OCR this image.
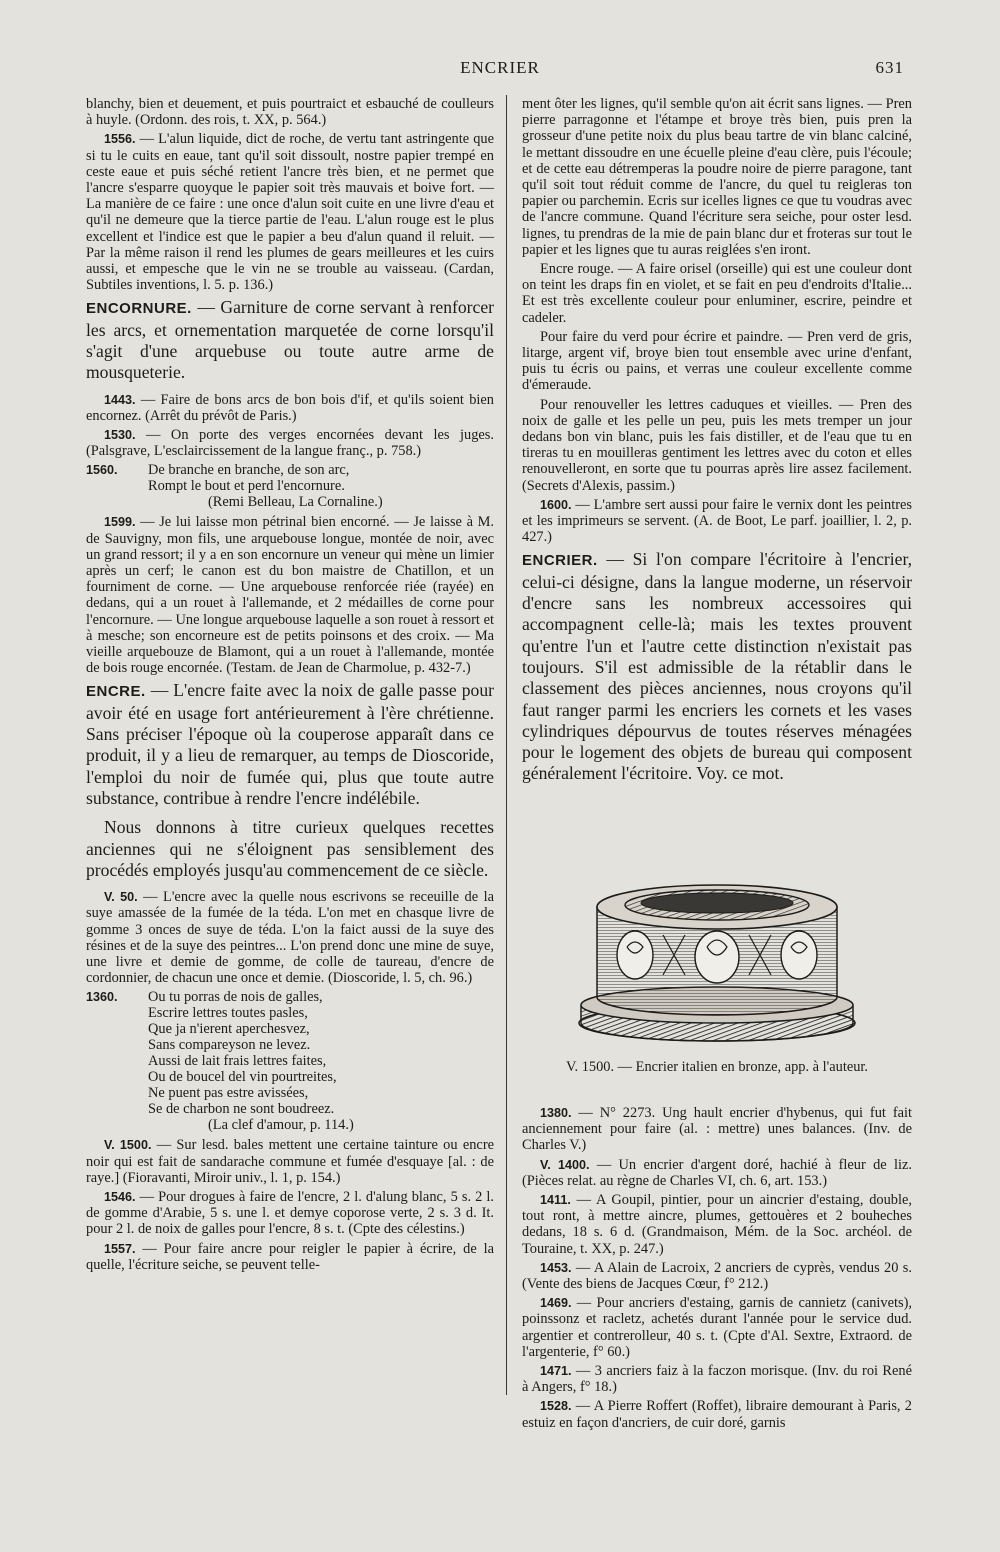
ENCRIER	631

blanchy, bien et deuement, et puis pourtraict et esbauché de coulleurs à huyle. (Ordonn. des rois, t. XX, p. 564.)

1556. — L'alun liquide, dict de roche, de vertu tant astringente que si tu le cuits en eaue, tant qu'il soit dissoult, nostre papier trempé en ceste eaue et puis séché retient l'ancre très bien, et ne permet que l'ancre s'esparre quoyque le papier soit très mauvais et boive fort. — La manière de ce faire : une once d'alun soit cuite en une livre d'eau et qu'il ne demeure que la tierce partie de l'eau. L'alun rouge est le plus excellent et l'indice est que le papier a beu d'alun quand il reluit. — Par la même raison il rend les plumes de gears meilleures et les cuirs aussi, et empesche que le vin ne se trouble au vaisseau. (Cardan, Subtiles inventions, l. 5. p. 136.)

ENCORNURE. — Garniture de corne servant à renforcer les arcs, et ornementation marquetée de corne lorsqu'il s'agit d'une arquebuse ou toute autre arme de mousqueterie.

1443. — Faire de bons arcs de bon bois d'if, et qu'ils soient bien encornez. (Arrêt du prévôt de Paris.)

1530. — On porte des verges encornées devant les juges. (Palsgrave, L'esclaircissement de la langue franç., p. 758.)

1560.	De branche en branche, de son arc,
Rompt le bout et perd l'encornure.
(Remi Belleau, La Cornaline.)

1599. — Je lui laisse mon pétrinal bien encorné. — Je laisse à M. de Sauvigny, mon fils, une arquebouse longue, montée de noir, avec un grand ressort; il y a en son encornure un veneur qui mène un limier après un cerf; le canon est du bon maistre de Chatillon, et un fourniment de corne. — Une arquebouse renforcée riée (rayée) en dedans, qui a un rouet à l'allemande, et 2 médailles de corne pour l'encornure. — Une longue arquebouse laquelle a son rouet à ressort et à mesche; son encorneure est de petits poinsons et des croix. — Ma vieille arquebouze de Blamont, qui a un rouet à l'allemande, montée de bois rouge encornée. (Testam. de Jean de Charmolue, p. 432-7.)

ENCRE. — L'encre faite avec la noix de galle passe pour avoir été en usage fort antérieurement à l'ère chrétienne. Sans préciser l'époque où la couperose apparaît dans ce produit, il y a lieu de remarquer, au temps de Dioscoride, l'emploi du noir de fumée qui, plus que toute autre substance, contribue à rendre l'encre indélébile.

Nous donnons à titre curieux quelques recettes anciennes qui ne s'éloignent pas sensiblement des procédés employés jusqu'au commencement de ce siècle.

V. 50. — L'encre avec la quelle nous escrivons se receuille de la suye amassée de la fumée de la téda. L'on met en chasque livre de gomme 3 onces de suye de téda. L'on la faict aussi de la suye des résines et de la suye des peintres... L'on prend donc une mine de suye, une livre et demie de gomme, de colle de taureau, d'encre de cordonnier, de chacun une once et demie. (Dioscoride, l. 5, ch. 96.)

1360.	Ou tu porras de nois de galles,
Escrire lettres toutes pasles,
Que ja n'ierent aperchesvez,
Sans compareyson ne levez.
Aussi de lait frais lettres faites,
Ou de boucel del vin pourtreites,
Ne puent pas estre avissées,
Se de charbon ne sont boudreez.
(La clef d'amour, p. 114.)

V. 1500. — Sur lesd. bales mettent une certaine tainture ou encre noir qui est fait de sandarache commune et fumée d'esquaye [al. : de raye.] (Fioravanti, Miroir univ., l. 1, p. 154.)

1546. — Pour drogues à faire de l'encre, 2 l. d'alung blanc, 5 s. 2 l. de gomme d'Arabie, 5 s. une l. et demye coporose verte, 2 s. 3 d. It. pour 2 l. de noix de galles pour l'encre, 8 s. t. (Cpte des célestins.)

1557. — Pour faire ancre pour reigler le papier à écrire, de la quelle, l'écriture seiche, se peuvent telle-

ment ôter les lignes, qu'il semble qu'on ait écrit sans lignes. — Pren pierre parragonne et l'étampe et broye très bien, puis pren la grosseur d'une petite noix du plus beau tartre de vin blanc calciné, le mettant dissoudre en une écuelle pleine d'eau clère, puis l'écoule; et de cette eau détremperas la poudre noire de pierre paragone, tant qu'il soit tout réduit comme de l'ancre, du quel tu reigleras ton papier ou parchemin. Ecris sur icelles lignes ce que tu voudras avec de l'ancre commune. Quand l'écriture sera seiche, pour oster lesd. lignes, tu prendras de la mie de pain blanc dur et froteras sur tout le papier et les lignes que tu auras reiglées s'en iront.

Encre rouge. — A faire orisel (orseille) qui est une couleur dont on teint les draps fin en violet, et se fait en peu d'endroits d'Italie... Et est très excellente couleur pour enluminer, escrire, peindre et cadeler.

Pour faire du verd pour écrire et paindre. — Pren verd de gris, litarge, argent vif, broye bien tout ensemble avec urine d'enfant, puis tu écris ou pains, et verras une couleur excellente comme d'émeraude.

Pour renouveller les lettres caduques et vieilles. — Pren des noix de galle et les pelle un peu, puis les mets tremper un jour dedans bon vin blanc, puis les fais distiller, et de l'eau que tu en tireras tu en mouilleras gentiment les lettres avec du coton et elles renouvelleront, en sorte que tu pourras après lire assez facilement. (Secrets d'Alexis, passim.)

1600. — L'ambre sert aussi pour faire le vernix dont les peintres et les imprimeurs se servent. (A. de Boot, Le parf. joaillier, l. 2, p. 427.)

ENCRIER. — Si l'on compare l'écritoire à l'encrier, celui-ci désigne, dans la langue moderne, un réservoir d'encre sans les nombreux accessoires qui accompagnent celle-là; mais les textes prouvent qu'entre l'un et l'autre cette distinction n'existait pas toujours. S'il est admissible de la rétablir dans le classement des pièces anciennes, nous croyons qu'il faut ranger parmi les encriers les cornets et les vases cylindriques dépourvus de toutes réserves ménagées pour le logement des objets de bureau qui composent généralement l'écritoire. Voy. ce mot.

V. 1500. — Encrier italien en bronze, app. à l'auteur.

1380. — N° 2273. Ung hault encrier d'hybenus, qui fut fait anciennement pour faire (al. : mettre) unes balances. (Inv. de Charles V.)

V. 1400. — Un encrier d'argent doré, hachié à fleur de liz. (Pièces relat. au règne de Charles VI, ch. 6, art. 153.)

1411. — A Goupil, pintier, pour un aincrier d'estaing, double, tout ront, à mettre aincre, plumes, gettouères et 2 bouheches dedans, 18 s. 6 d. (Grandmaison, Mém. de la Soc. archéol. de Touraine, t. XX, p. 247.)

1453. — A Alain de Lacroix, 2 ancriers de cyprès, vendus 20 s. (Vente des biens de Jacques Cœur, f° 212.)

1469. — Pour ancriers d'estaing, garnis de cannietz (canivets), poinssonz et racletz, achetés durant l'année pour le service dud. argentier et contrerolleur, 40 s. t. (Cpte d'Al. Sextre, Extraord. de l'argenterie, f° 60.)

1471. — 3 ancriers faiz à la faczon morisque. (Inv. du roi René à Angers, f° 18.)

1528. — A Pierre Roffert (Roffet), libraire demourant à Paris, 2 estuiz en façon d'ancriers, de cuir doré, garnis
